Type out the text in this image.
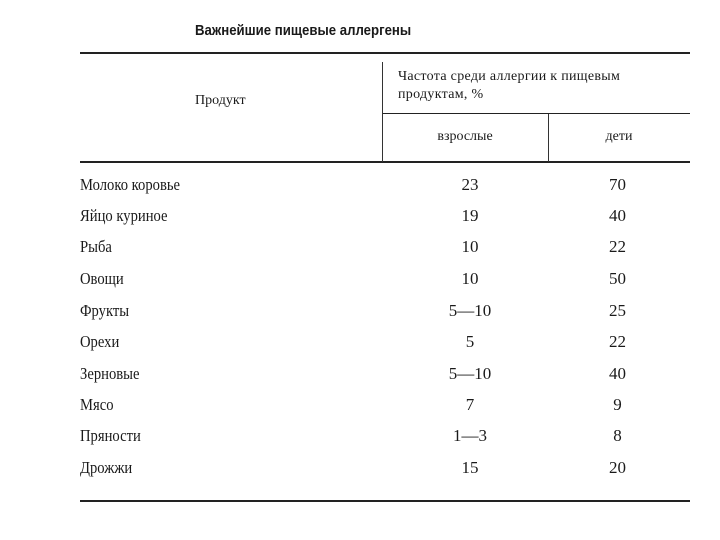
Важнейшие пищевые аллергены
Продукт
Частота среди аллергии к пищевым продуктам, %
взрослые	дети
Молоко коровье	23	70
Яйцо куриное	19	40
Рыба	10	22
Овощи	10	50
Фрукты	5—10	25
Орехи	5	22
Зерновые	5—10	40
Мясо	7	9
Пряности	1—3	8
Дрожжи	15	20
